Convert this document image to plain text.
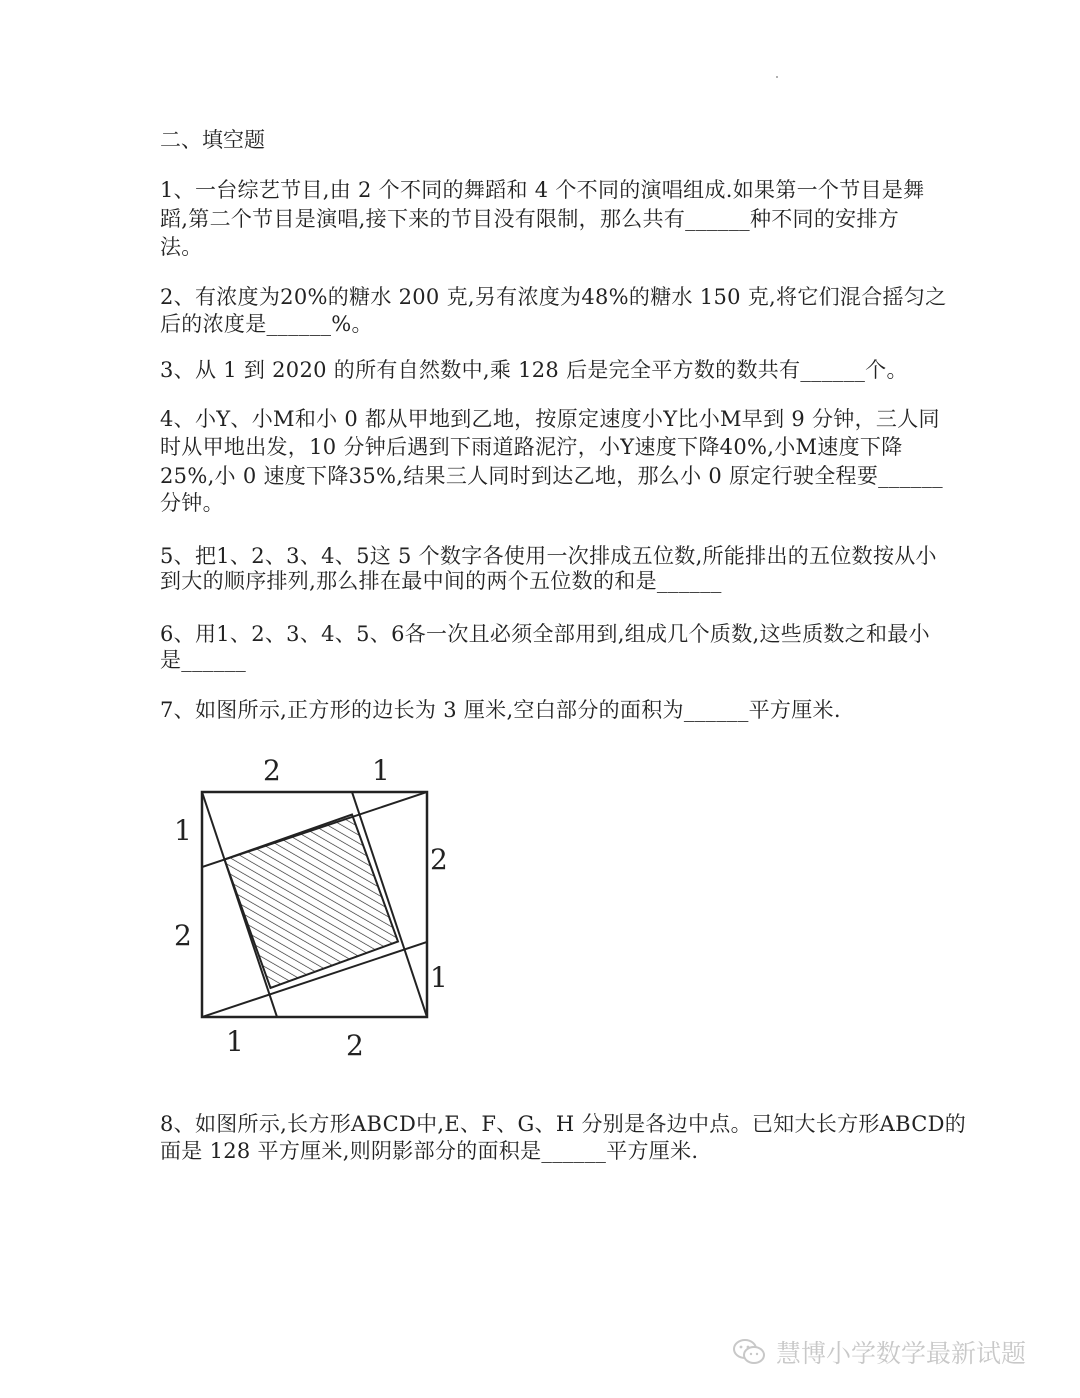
二、填空题
1、一台综艺节目,由 2 个不同的舞蹈和 4 个不同的演唱组成.如果第一个节目是舞
蹈,第二个节目是演唱,接下来的节目没有限制，那么共有______种不同的安排方
法。
2、有浓度为20%的糖水 200 克,另有浓度为48%的糖水 150 克,将它们混合摇匀之
后的浓度是______%。
3、从 1 到 2020 的所有自然数中,乘 128 后是完全平方数的数共有______个。
4、小Y、小M和小 0 都从甲地到乙地，按原定速度小Y比小M早到 9 分钟，三人同
时从甲地出发，10 分钟后遇到下雨道路泥泞，小Y速度下降40%,小M速度下降
25%,小 0 速度下降35%,结果三人同时到达乙地，那么小 0 原定行驶全程要______
分钟。
5、把1、2、3、4、5这 5 个数字各使用一次排成五位数,所能排出的五位数按从小
到大的顺序排列,那么排在最中间的两个五位数的和是______
6、用1、2、3、4、5、6各一次且必须全部用到,组成几个质数,这些质数之和最小
是______
7、如图所示,正方形的边长为 3 厘米,空白部分的面积为______平方厘米.
2	1
1
2
2
1
1	2
8、如图所示,长方形ABCD中,E、F、G、H 分别是各边中点。已知大长方形ABCD的
面是 128 平方厘米,则阴影部分的面积是______平方厘米.
慧博小学数学最新试题
